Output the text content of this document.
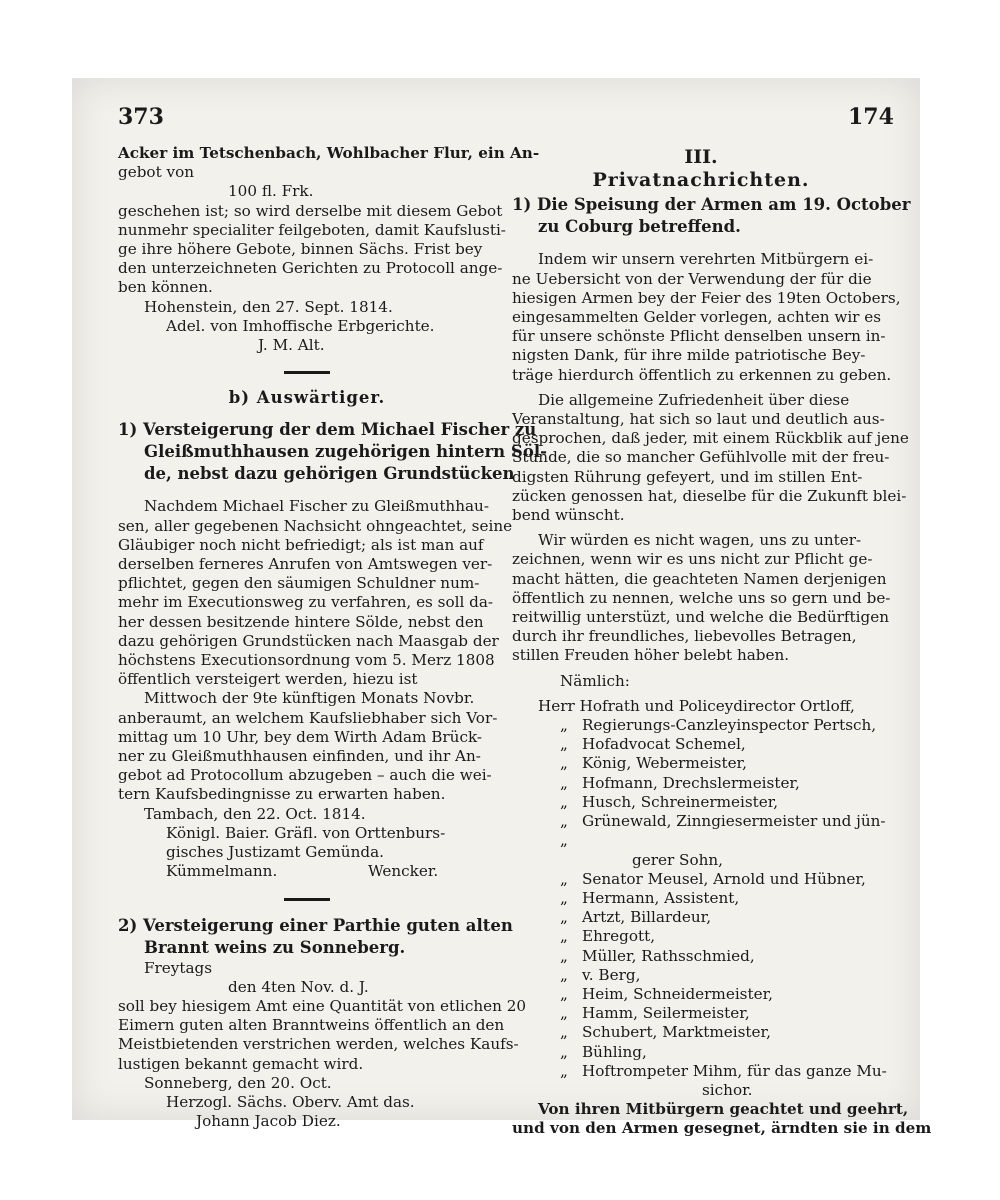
373	174
Acker im Tetschenbach, Wohlbacher Flur, ein An-
gebot von
100 fl. Frk.
geschehen ist; so wird derselbe mit diesem Gebot
nunmehr specialiter feilgeboten, damit Kaufslusti-
ge ihre höhere Gebote, binnen Sächs. Frist bey
den unterzeichneten Gerichten zu Protocoll ange-
ben können.
Hohenstein, den 27. Sept. 1814.
Adel. von Imhoffische Erbgerichte.
J. M. Alt.
b) Auswärtiger.
1) Versteigerung der dem Michael Fischer zu
Gleißmuthhausen zugehörigen hintern Söl-
de, nebst dazu gehörigen Grundstücken
Nachdem Michael Fischer zu Gleißmuthhau-
sen, aller gegebenen Nachsicht ohngeachtet, seine
Gläubiger noch nicht befriedigt; als ist man auf
derselben ferneres Anrufen von Amtswegen ver-
pflichtet, gegen den säumigen Schuldner num-
mehr im Executionsweg zu verfahren, es soll da-
her dessen besitzende hintere Sölde, nebst den
dazu gehörigen Grundstücken nach Maasgab der
höchstens Executionsordnung vom 5. Merz 1808
öffentlich versteigert werden, hiezu ist
Mittwoch der 9te künftigen Monats Novbr.
anberaumt, an welchem Kaufsliebhaber sich Vor-
mittag um 10 Uhr, bey dem Wirth Adam Brück-
ner zu Gleißmuthhausen einfinden, und ihr An-
gebot ad Protocollum abzugeben – auch die wei-
tern Kaufsbedingnisse zu erwarten haben.
Tambach, den 22. Oct. 1814.
Königl. Baier. Gräfl. von Orttenburs-
gisches Justizamt Gemünda.
Kümmelmann.	Wencker.
2) Versteigerung einer Parthie guten alten
Brannt weins zu Sonneberg.
Freytags
den 4ten Nov. d. J.
soll bey hiesigem Amt eine Quantität von etlichen 20
Eimern guten alten Branntweins öffentlich an den
Meistbietenden verstrichen werden, welches Kaufs-
lustigen bekannt gemacht wird.
Sonneberg, den 20. Oct.
Herzogl. Sächs. Oberv. Amt das.
Johann Jacob Diez.
III.
Privatnachrichten.
1) Die Speisung der Armen am 19. October
zu Coburg betreffend.
Indem wir unsern verehrten Mitbürgern ei-
ne Uebersicht von der Verwendung der für die
hiesigen Armen bey der Feier des 19ten Octobers,
eingesammelten Gelder vorlegen, achten wir es
für unsere schönste Pflicht denselben unsern in-
nigsten Dank, für ihre milde patriotische Bey-
träge hierdurch öffentlich zu erkennen zu geben.
Die allgemeine Zufriedenheit über diese
Veranstaltung, hat sich so laut und deutlich aus-
gesprochen, daß jeder, mit einem Rückblik auf jene
Stunde, die so mancher Gefühlvolle mit der freu-
digsten Rührung gefeyert, und im stillen Ent-
zücken genossen hat, dieselbe für die Zukunft blei-
bend wünscht.
Wir würden es nicht wagen, uns zu unter-
zeichnen, wenn wir es uns nicht zur Pflicht ge-
macht hätten, die geachteten Namen derjenigen
öffentlich zu nennen, welche uns so gern und be-
reitwillig unterstüzt, und welche die Bedürftigen
durch ihr freundliches, liebevolles Betragen,
stillen Freuden höher belebt haben.
Nämlich:
Herr Hofrath und Policeydirector Ortloff,
„ Regierungs-Canzleyinspector Pertsch,
„ Hofadvocat Schemel,
„ König, Webermeister,
„ Hofmann, Drechslermeister,
„ Husch, Schreinermeister,
„ Grünewald, Zinngiesermeister und jün-
„
gerer Sohn,
„ Senator Meusel, Arnold und Hübner,
„ Hermann, Assistent,
„ Artzt, Billardeur,
„ Ehregott,
„ Müller, Rathsschmied,
„ v. Berg,
„ Heim, Schneidermeister,
„ Hamm, Seilermeister,
„ Schubert, Marktmeister,
„ Bühling,
„ Hoftrompeter Mihm, für das ganze Mu-
sichor.
Von ihren Mitbürgern geachtet und geehrt,
und von den Armen gesegnet, ärndten sie in dem
